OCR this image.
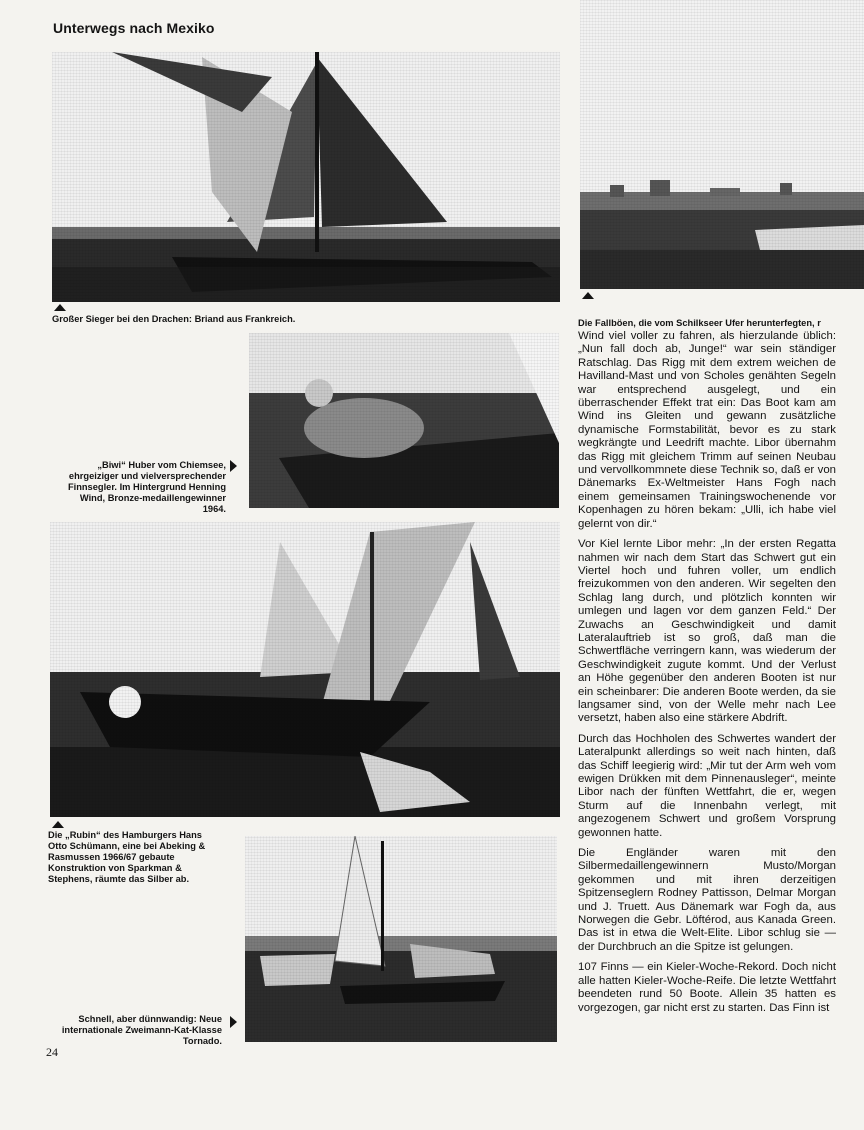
Unterwegs nach Mexiko
Großer Sieger bei den Drachen: Briand aus Frankreich.	Die Fallböen, die vom Schilkseer Ufer herunterfegten, r
„Biwi“ Huber vom Chiemsee, ehrgeiziger und vielversprechender Finnsegler. Im Hintergrund Henning Wind, Bronze-medaillengewinner 1964.
Die „Rubin“ des Hamburgers Hans Otto Schümann, eine bei Abeking & Rasmussen 1966/67 gebaute Konstruktion von Sparkman & Stephens, räumte das Silber ab.
Schnell, aber dünnwandig: Neue internationale Zweimann-Kat-Klasse Tornado.

Wind viel voller zu fahren, als hierzulande üblich: „Nun fall doch ab, Junge!“ war sein ständiger Ratschlag. Das Rigg mit dem extrem weichen de Havilland-Mast und von Scholes genähten Segeln war entsprechend ausgelegt, und ein überraschender Effekt trat ein: Das Boot kam am Wind ins Gleiten und gewann zusätzliche dynamische Formstabilität, bevor es zu stark wegkrängte und Leedrift machte. Libor übernahm das Rigg mit gleichem Trimm auf seinen Neubau und vervollkommnete diese Technik so, daß er von Dänemarks Ex-Weltmeister Hans Fogh nach einem gemeinsamen Trainingswochenende vor Kopenhagen zu hören bekam: „Ulli, ich habe viel gelernt von dir.“

Vor Kiel lernte Libor mehr: „In der ersten Regatta nahmen wir nach dem Start das Schwert gut ein Viertel hoch und fuhren voller, um endlich freizukommen von den anderen. Wir segelten den Schlag lang durch, und plötzlich konnten wir umlegen und lagen vor dem ganzen Feld.“ Der Zuwachs an Geschwindigkeit und damit Lateralauftrieb ist so groß, daß man die Schwertfläche verringern kann, was wiederum der Geschwindigkeit zugute kommt. Und der Verlust an Höhe gegenüber den anderen Booten ist nur ein scheinbarer: Die anderen Boote werden, da sie langsamer sind, von der Welle mehr nach Lee versetzt, haben also eine stärkere Abdrift.

Durch das Hochholen des Schwertes wandert der Lateralpunkt allerdings so weit nach hinten, daß das Schiff leegierig wird: „Mir tut der Arm weh vom ewigen Drükken mit dem Pinnenausleger“, meinte Libor nach der fünften Wettfahrt, die er, wegen Sturm auf die Innenbahn verlegt, mit angezogenem Schwert und großem Vorsprung gewonnen hatte.

Die Engländer waren mit den Silbermedaillengewinnern Musto/Morgan gekommen und mit ihren derzeitigen Spitzenseglern Rodney Pattisson, Delmar Morgan und J. Truett. Aus Dänemark war Fogh da, aus Norwegen die Gebr. Löftérod, aus Kanada Green. Das ist in etwa die Welt-Elite. Libor schlug sie — der Durchbruch an die Spitze ist gelungen.

107 Finns — ein Kieler-Woche-Rekord. Doch nicht alle hatten Kieler-Woche-Reife. Die letzte Wettfahrt beendeten rund 50 Boote. Allein 35 hatten es vorgezogen, gar nicht erst zu starten. Das Finn ist

24
